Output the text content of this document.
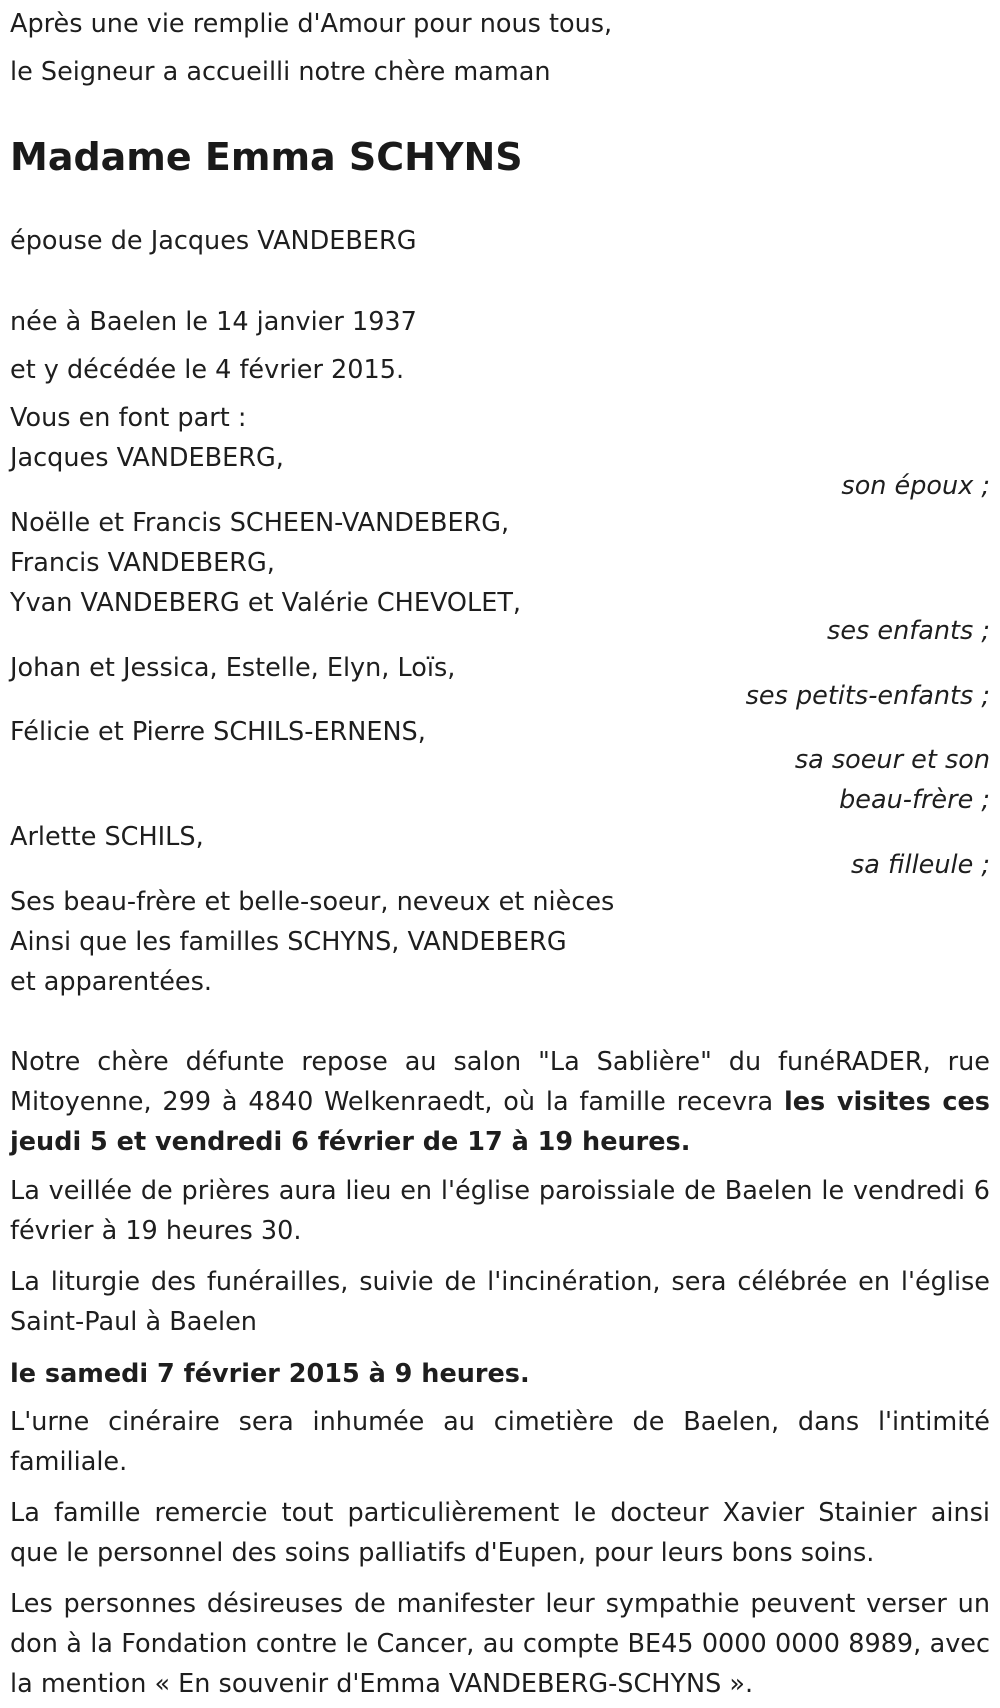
Après une vie remplie d'Amour pour nous tous,

le Seigneur a accueilli notre chère maman

Madame Emma SCHYNS

épouse de Jacques VANDEBERG

née à Baelen le 14 janvier 1937

et y décédée le 4 février 2015.

Vous en font part :

Jacques VANDEBERG,

son époux ;

Noëlle et Francis SCHEEN-VANDEBERG,

Francis VANDEBERG,

Yvan VANDEBERG et Valérie CHEVOLET,

ses enfants ;

Johan et Jessica, Estelle, Elyn, Loïs,

ses petits-enfants ;

Félicie et Pierre SCHILS-ERNENS,

sa soeur et son

beau-frère ;

Arlette SCHILS,

sa filleule ;

Ses beau-frère et belle-soeur, neveux et nièces

Ainsi que les familles SCHYNS, VANDEBERG

et apparentées.

Notre chère défunte repose au salon "La Sablière" du funéRADER, rue Mitoyenne, 299 à 4840 Welkenraedt, où la famille recevra les visites ces jeudi 5 et vendredi 6 février de 17 à 19 heures.

La veillée de prières aura lieu en l'église paroissiale de Baelen le vendredi 6 février à 19 heures 30.

La liturgie des funérailles, suivie de l'incinération, sera célébrée en l'église Saint-Paul à Baelen

le samedi 7 février 2015 à 9 heures.

L'urne cinéraire sera inhumée au cimetière de Baelen, dans l'intimité familiale.

La famille remercie tout particulièrement le docteur Xavier Stainier ainsi que le personnel des soins palliatifs d'Eupen, pour leurs bons soins.

Les personnes désireuses de manifester leur sympathie peuvent verser un don à la Fondation contre le Cancer, au compte BE45 0000 0000 8989, avec la mention « En souvenir d'Emma VANDEBERG-SCHYNS ».
